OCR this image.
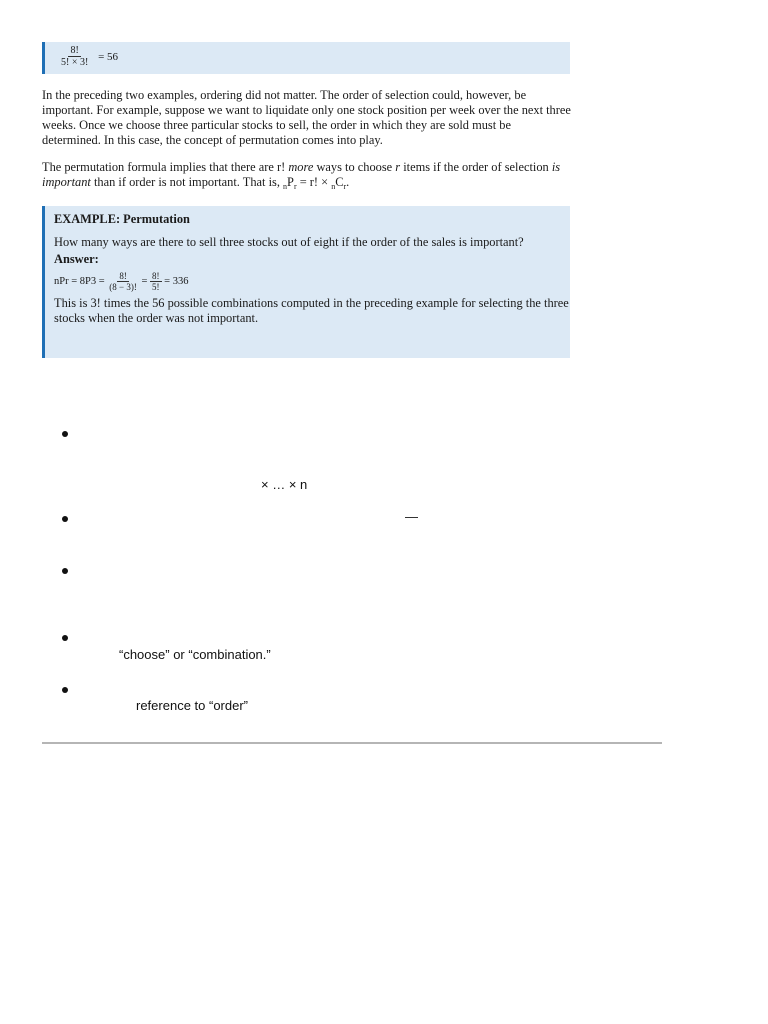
$\frac{8!}{5! \times 3!} = 56$

In the preceding two examples, ordering did not matter. The order of selection could, however, be important. For example, suppose we want to liquidate only one stock position per week over the next three weeks. Once we choose three particular stocks to sell, the order in which they are sold must be determined. In this case, the concept of permutation comes into play.

The permutation formula implies that there are r! more ways to choose r items if the order of selection is important than if order is not important. That is, $_nP_r = r$! × $_nC_r$.

EXAMPLE: Permutation

How many ways are there to sell three stocks out of eight if the order of the sales is important?

Answer:

nPr = $8P3 = \frac{8!}{(8 - 3)!} = \frac{8!}{5!} = 336$

This is 3! times the 56 possible combinations computed in the preceding example for selecting the three stocks when the order was not important.

× … × n
—
“choose” or “combination.”
reference to “order”
